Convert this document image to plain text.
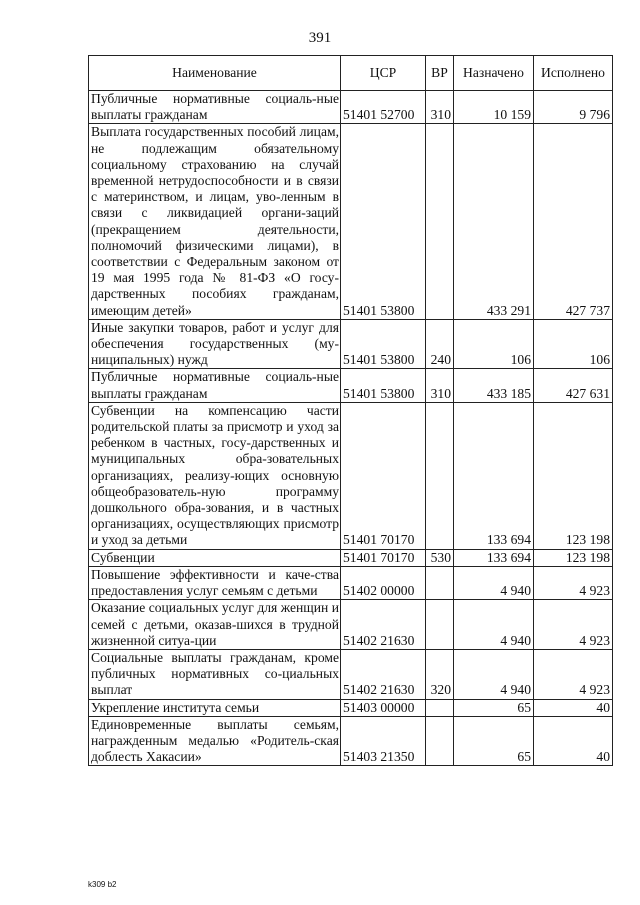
391
Наименование	ЦСР	ВР	Назначено	Исполнено
Публичные нормативные социаль-ные выплаты гражданам	51401 52700	310	10 159	9 796
Выплата государственных пособий лицам, не подлежащим обязательному социальному страхованию на случай временной нетрудоспособности и в связи с материнством, и лицам, уво-ленным в связи с ликвидацией органи-заций (прекращением деятельности, полномочий физическими лицами), в соответствии с Федеральным законом от 19 мая 1995 года № 81-ФЗ «О госу-дарственных пособиях гражданам, имеющим детей»	51401 53800		433 291	427 737
Иные закупки товаров, работ и услуг для обеспечения государственных (му-ниципальных) нужд	51401 53800	240	106	106
Публичные нормативные социаль-ные выплаты гражданам	51401 53800	310	433 185	427 631
Субвенции на компенсацию части родительской платы за присмотр и уход за ребенком в частных, госу-дарственных и муниципальных обра-зовательных организациях, реализу-ющих основную общеобразователь-ную программу дошкольного обра-зования, и в частных организациях, осуществляющих присмотр и уход за детьми	51401 70170		133 694	123 198
Субвенции	51401 70170	530	133 694	123 198
Повышение эффективности и каче-ства предоставления услуг семьям с детьми	51402 00000		4 940	4 923
Оказание социальных услуг для женщин и семей с детьми, оказав-шихся в трудной жизненной ситуа-ции	51402 21630		4 940	4 923
Социальные выплаты гражданам, кроме публичных нормативных со-циальных выплат	51402 21630	320	4 940	4 923
Укрепление института семьи	51403 00000		65	40
Единовременные выплаты семьям, награжденным медалью «Родитель-ская доблесть Хакасии»	51403 21350		65	40
k309 b2
